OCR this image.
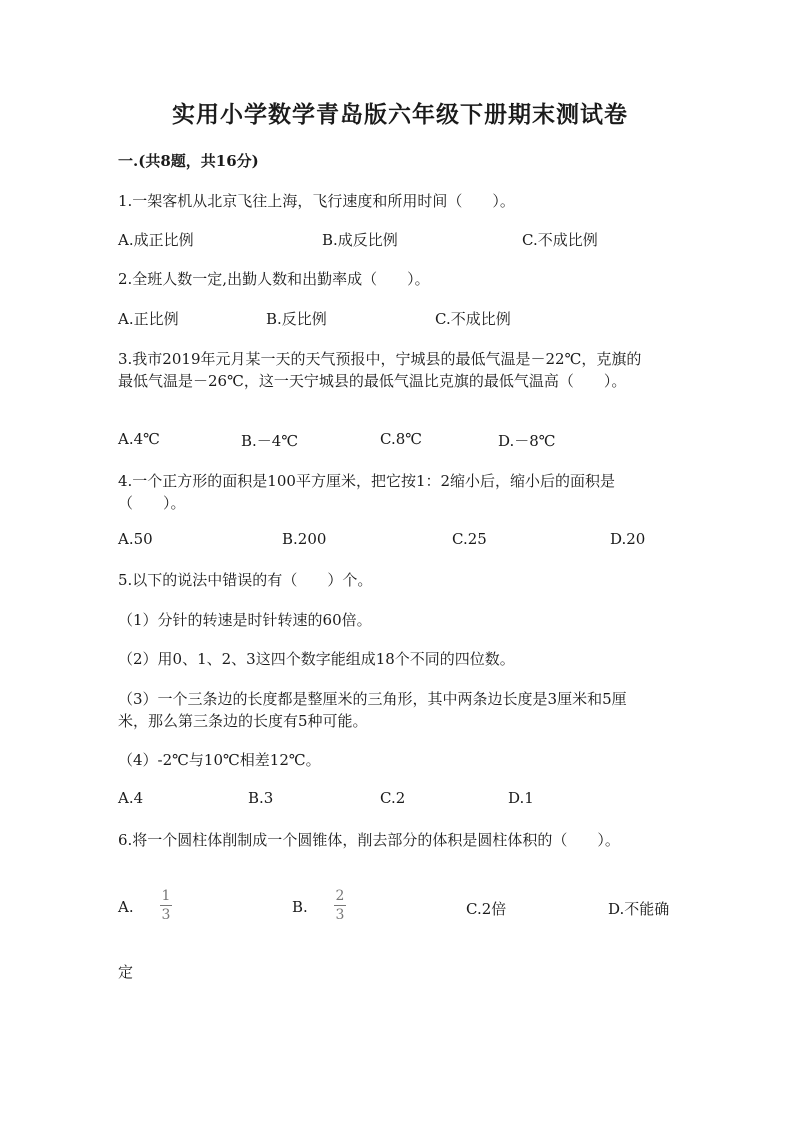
实用小学数学青岛版六年级下册期末测试卷
一.(共8题，共16分)
1.一架客机从北京飞往上海，飞行速度和所用时间（　　）。
A.成正比例	B.成反比例	C.不成比例
2.全班人数一定,出勤人数和出勤率成（　　）。
A.正比例	B.反比例	C.不成比例
3.我市2019年元月某一天的天气预报中，宁城县的最低气温是－22℃，克旗的
最低气温是－26℃，这一天宁城县的最低气温比克旗的最低气温高（　　）。
A.4℃	B.－4℃	C.8℃	D.－8℃
4.一个正方形的面积是100平方厘米，把它按1：2缩小后，缩小后的面积是
（　　）。
A.50	B.200	C.25	D.20
5.以下的说法中错误的有（　　）个。
（1）分针的转速是时针转速的60倍。
（2）用0、1、2、3这四个数字能组成18个不同的四位数。
（3）一个三条边的长度都是整厘米的三角形，其中两条边长度是3厘米和5厘
米，那么第三条边的长度有5种可能。
（4）-2℃与10℃相差12℃。
A.4	B.3	C.2	D.1
6.将一个圆柱体削制成一个圆锥体，削去部分的体积是圆柱体积的（　　）。
A.
1
3	B.
2
3	C.2倍	D.不能确
定
